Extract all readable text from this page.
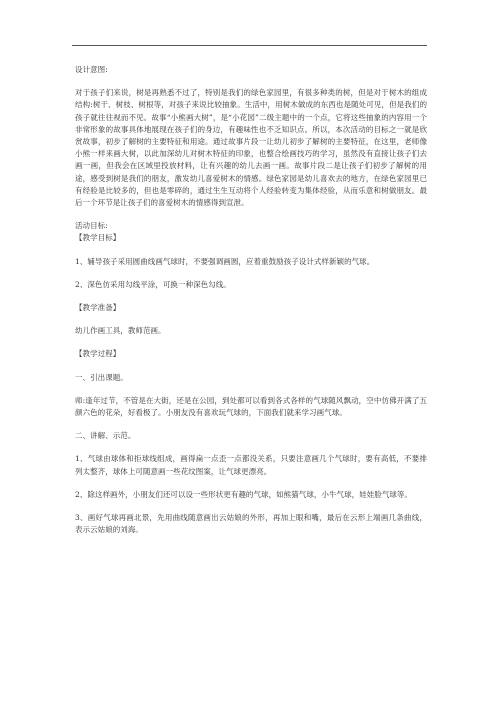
设计意图:

对于孩子们来说，树是再熟悉不过了，特别是我们的绿色家园里，有很多种类的树，但是对于树木的组成结构:树干、树枝、树根等，对孩子来说比较抽象。生活中，用树木做成的东西也是随处可见，但是我们的孩子就往往视而不见。故事“小熊画大树”，是“小花园”二级主题中的一个点，它将这些抽象的内容用一个非常形象的故事具体地展现在孩子们的身边，有趣味性也不乏知识点。所以，本次活动的目标之一就是欣赏故事，初步了解树的主要特征和用途。通过故事片段一让幼儿初步了解树的主要特征，在这里，老师像小熊一样来画大树，以此加深幼儿对树木特征的印象，也整合绘画技巧的学习，虽然没有直接让孩子们去画一画，但我会在区域里投放材料，让有兴趣的幼儿去画一画。故事片段二是让孩子们初步了解树的用途，感受到树是我们的朋友，激发幼儿喜爱树木的情感。绿色家园是幼儿喜欢去的地方，在绿色家园里已有经验是比较多的，但也是零碎的，通过生生互动将个人经验转变为集体经验，从而乐意和树做朋友。最后一个环节是让孩子们的喜爱树木的情感得到宣泄。

活动目标:

【教学目标】

1、辅导孩子采用圆曲线画气球时，不要强调画圆，应着重鼓励孩子设计式样新颖的气球。

2、深色仿采用勾线平涂，可换一种深色勾线。

【教学准备】

幼儿作画工具，教师范画。

【教学过程】

一、引出课题。

师:逢年过节，不管是在大街，还是在公园，到处都可以看到各式各样的气球随风飘动，空中仿佛开满了五颜六色的花朵，好看极了。小朋友没有喜欢玩气球的，下面我们就来学习画气球。

二、讲解、示范。

1、气球由球体和拒球线组成，画得扁一点歪一点都没关系，只要注意画几个气球时，要有高低，不要排列太整齐，球体上可随意画一些花纹图案，让气球更漂亮。

2、除这样画外，小朋友们还可以设一些形状更有趣的气球，如熊猫气球，小牛气球，娃娃脸气球等。

3、画好气球再画北景，先用曲线随意画出云姑娘的外形，再加上眼和嘴，最后在云形上端画几条曲线，表示云姑娘的刘海。
